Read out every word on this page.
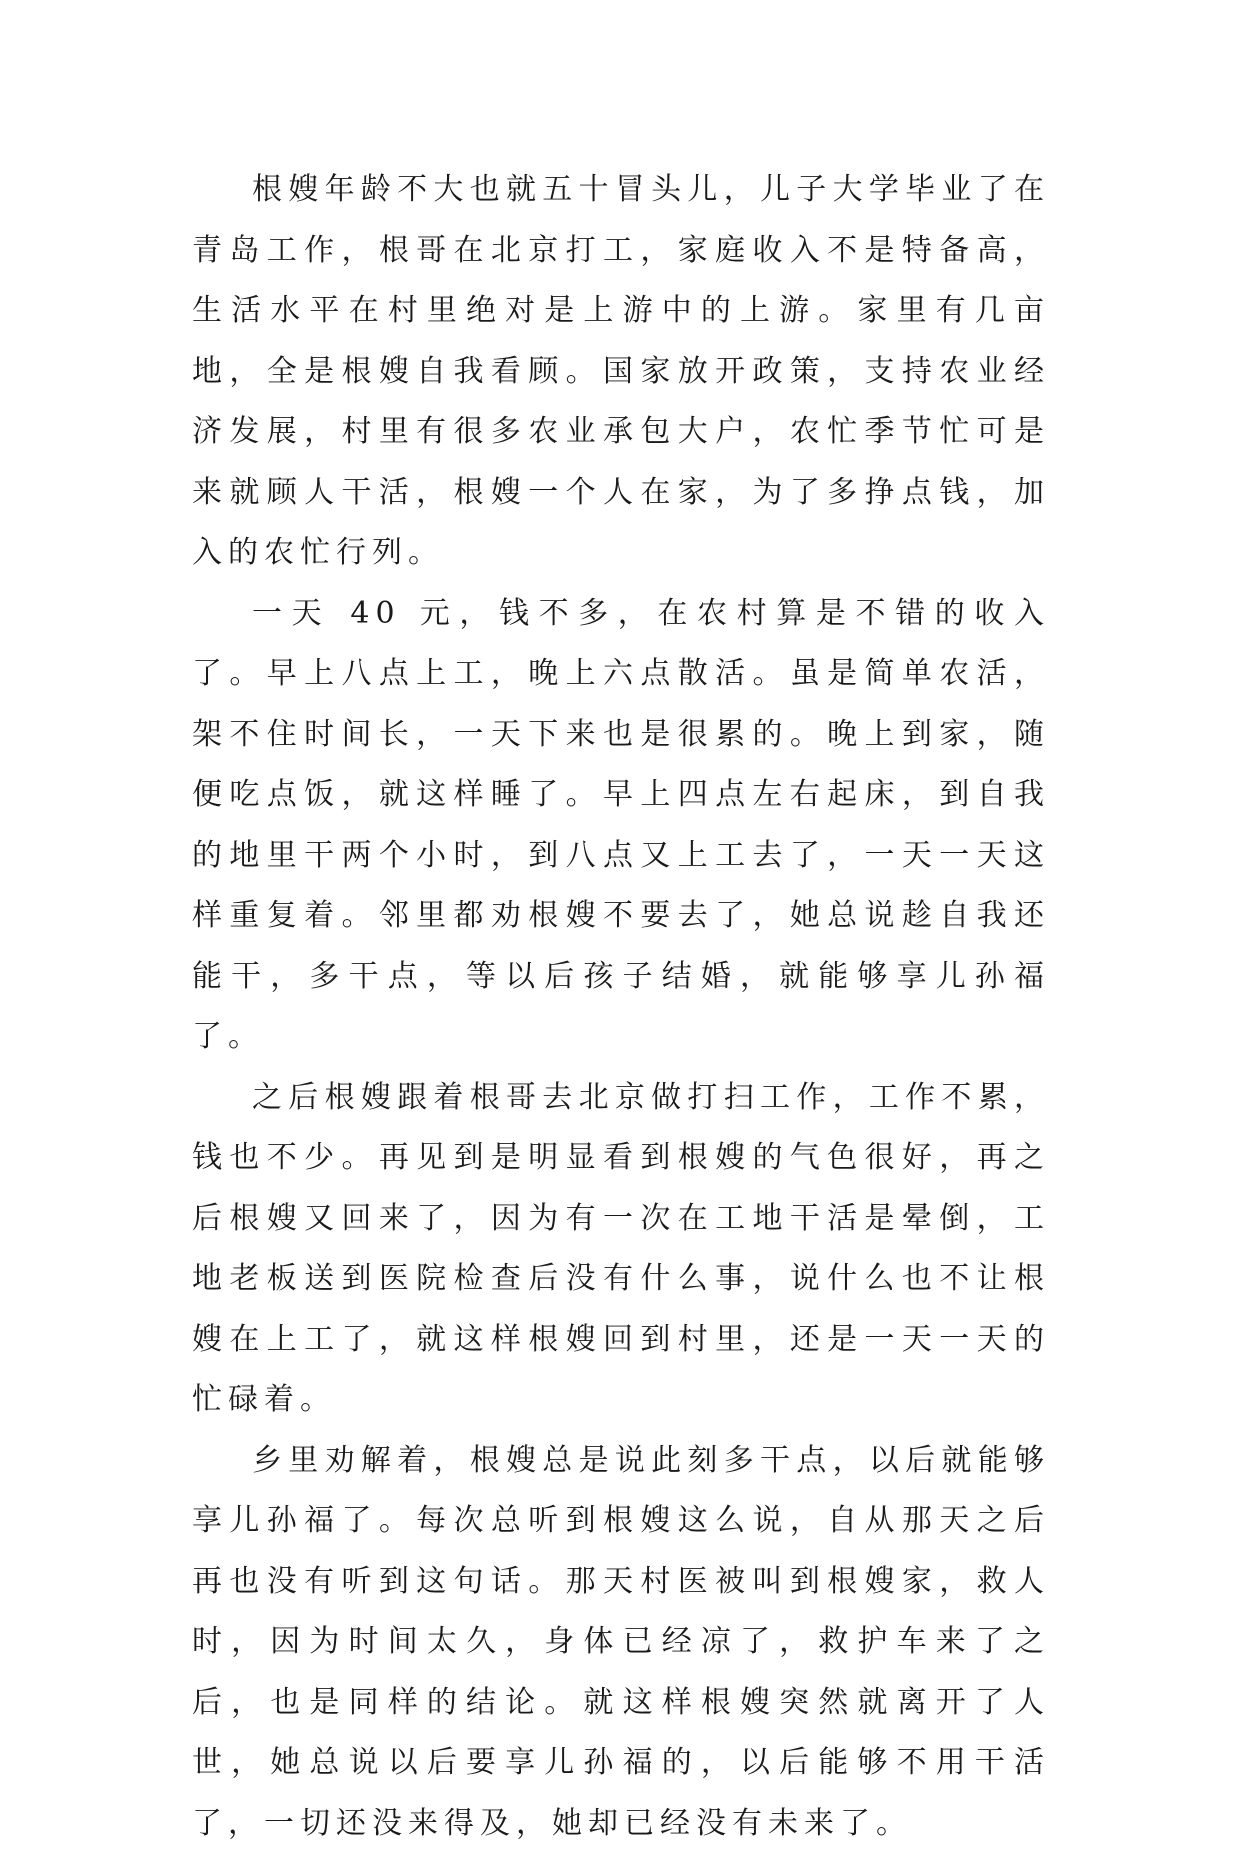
根嫂年龄不大也就五十冒头儿，儿子大学毕业了在青岛工作，根哥在北京打工，家庭收入不是特备高，生活水平在村里绝对是上游中的上游。家里有几亩地，全是根嫂自我看顾。国家放开政策，支持农业经济发展，村里有很多农业承包大户，农忙季节忙可是来就顾人干活，根嫂一个人在家，为了多挣点钱，加入的农忙行列。

一天 40 元，钱不多，在农村算是不错的收入了。早上八点上工，晚上六点散活。虽是简单农活，架不住时间长，一天下来也是很累的。晚上到家，随便吃点饭，就这样睡了。早上四点左右起床，到自我的地里干两个小时，到八点又上工去了，一天一天这样重复着。邻里都劝根嫂不要去了，她总说趁自我还能干，多干点，等以后孩子结婚，就能够享儿孙福了。

之后根嫂跟着根哥去北京做打扫工作，工作不累，钱也不少。再见到是明显看到根嫂的气色很好，再之后根嫂又回来了，因为有一次在工地干活是晕倒，工地老板送到医院检查后没有什么事，说什么也不让根嫂在上工了，就这样根嫂回到村里，还是一天一天的忙碌着。

乡里劝解着，根嫂总是说此刻多干点，以后就能够享儿孙福了。每次总听到根嫂这么说，自从那天之后再也没有听到这句话。那天村医被叫到根嫂家，救人时，因为时间太久，身体已经凉了，救护车来了之后，也是同样的结论。就这样根嫂突然就离开了人世，她总说以后要享儿孙福的，以后能够不用干活了，一切还没来得及，她却已经没有未来了。
